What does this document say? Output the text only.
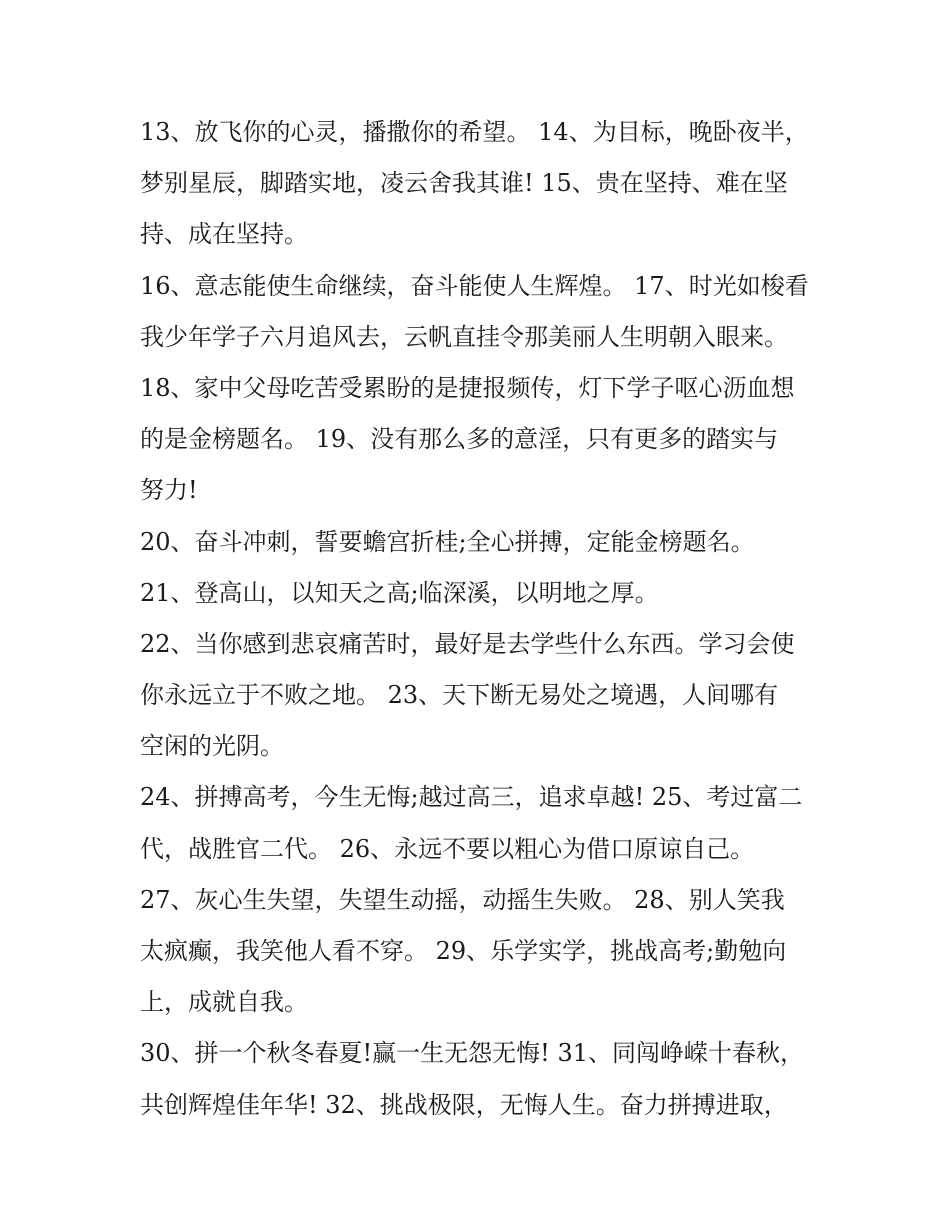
13、放飞你的心灵，播撒你的希望。 14、为目标，晚卧夜半，
梦别星辰，脚踏实地，凌云舍我其谁! 15、贵在坚持、难在坚
持、成在坚持。
16、意志能使生命继续，奋斗能使人生辉煌。 17、时光如梭看
我少年学子六月追风去，云帆直挂令那美丽人生明朝入眼来。
18、家中父母吃苦受累盼的是捷报频传，灯下学子呕心沥血想
的是金榜题名。 19、没有那么多的意淫，只有更多的踏实与
努力!
20、奋斗冲刺，誓要蟾宫折桂;全心拼搏，定能金榜题名。
21、登高山，以知天之高;临深溪，以明地之厚。
22、当你感到悲哀痛苦时，最好是去学些什么东西。学习会使
你永远立于不败之地。 23、天下断无易处之境遇，人间哪有
空闲的光阴。
24、拼搏高考，今生无悔;越过高三，追求卓越! 25、考过富二
代，战胜官二代。 26、永远不要以粗心为借口原谅自己。
27、灰心生失望，失望生动摇，动摇生失败。 28、别人笑我
太疯癫，我笑他人看不穿。 29、乐学实学，挑战高考;勤勉向
上，成就自我。
30、拼一个秋冬春夏!赢一生无怨无悔! 31、同闯峥嵘十春秋，
共创辉煌佳年华! 32、挑战极限，无悔人生。奋力拼搏进取，
